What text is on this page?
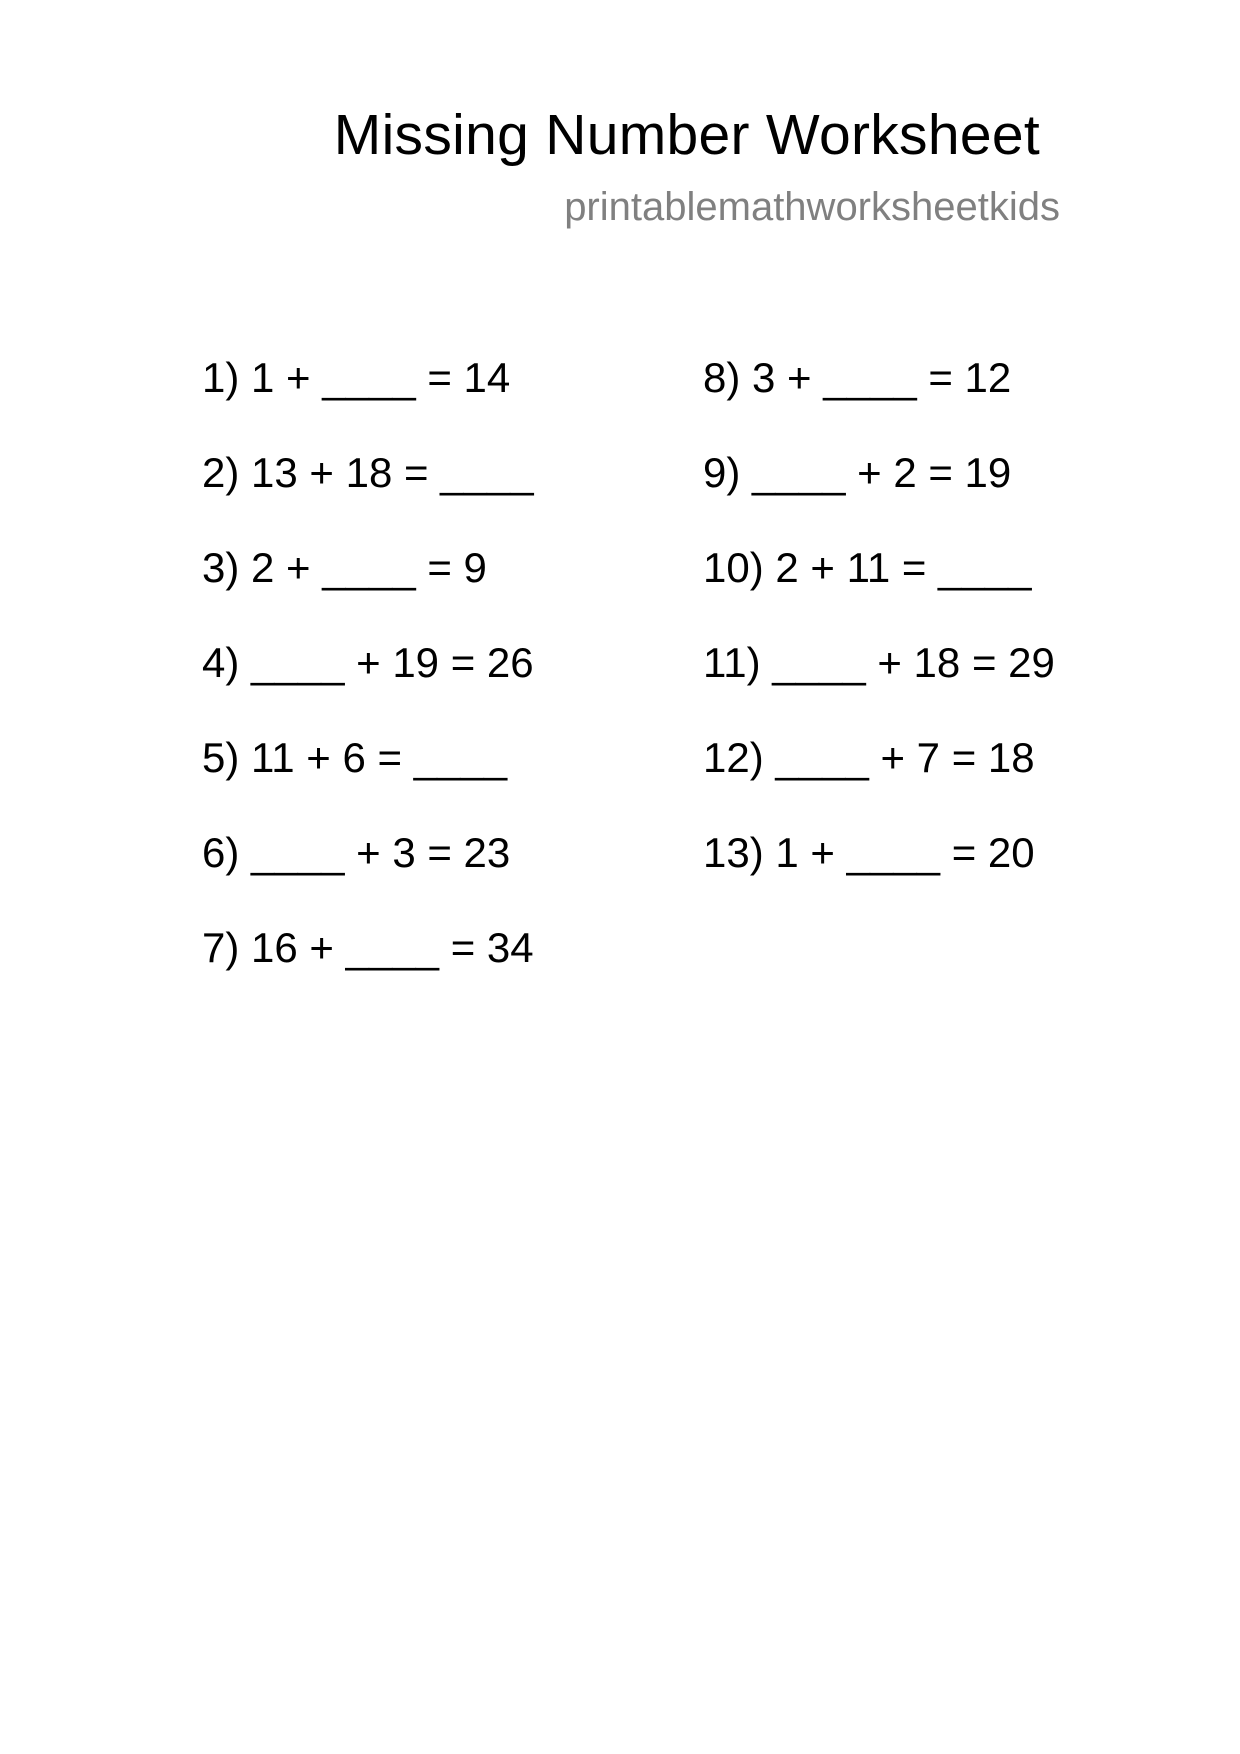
Missing Number Worksheet
printablemathworksheetkids
1) 1 + ____ = 14
2) 13 + 18 = ____
3) 2 + ____ = 9
4) ____ + 19 = 26
5) 11 + 6 = ____
6) ____ + 3 = 23
7) 16 + ____ = 34
8) 3 + ____ = 12
9) ____ + 2 = 19
10) 2 + 11 = ____
11) ____ + 18 = 29
12) ____ + 7 = 18
13) 1 + ____ = 20
